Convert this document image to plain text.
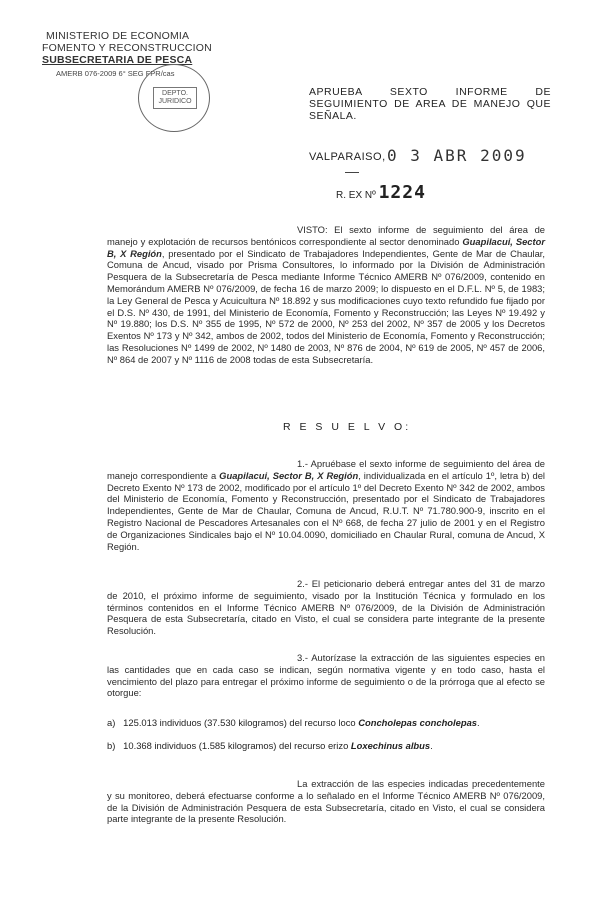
MINISTERIO DE ECONOMIA
FOMENTO Y RECONSTRUCCION
SUBSECRETARIA DE PESCA
AMERB 076-2009 6° SEG FPR/cas
DEPTO. JURIDICO
APRUEBA SEXTO INFORME DE SEGUIMIENTO DE AREA DE MANEJO QUE SEÑALA.
VALPARAISO, 0 3 ABR 2009
R. EX Nº 1224
VISTO: El sexto informe de seguimiento del área de manejo y explotación de recursos bentónicos correspondiente al sector denominado Guapilacui, Sector B, X Región, presentado por el Sindicato de Trabajadores Independientes, Gente de Mar de Chaular, Comuna de Ancud, visado por Prisma Consultores, lo informado por la División de Administración Pesquera de la Subsecretaría de Pesca mediante Informe Técnico AMERB Nº 076/2009, contenido en Memorándum AMERB Nº 076/2009, de fecha 16 de marzo 2009; lo dispuesto en el D.F.L. Nº 5, de 1983; la Ley General de Pesca y Acuicultura Nº 18.892 y sus modificaciones cuyo texto refundido fue fijado por el D.S. Nº 430, de 1991, del Ministerio de Economía, Fomento y Reconstrucción; las Leyes Nº 19.492 y Nº 19.880; los D.S. Nº 355 de 1995, Nº 572 de 2000, Nº 253 del 2002, Nº 357 de 2005 y los Decretos Exentos Nº 173 y Nº 342, ambos de 2002, todos del Ministerio de Economía, Fomento y Reconstrucción; las Resoluciones Nº 1499 de 2002, Nº 1480 de 2003, Nº 876 de 2004, Nº 619 de 2005, Nº 457 de 2006, Nº 864 de 2007 y Nº 1116 de 2008 todas de esta Subsecretaría.
R E S U E L V O:
1.- Apruébase el sexto informe de seguimiento del área de manejo correspondiente a Guapilacui, Sector B, X Región, individualizada en el artículo 1º, letra b) del Decreto Exento Nº 173 de 2002, modificado por el artículo 1º del Decreto Exento Nº 342 de 2002, ambos del Ministerio de Economía, Fomento y Reconstrucción, presentado por el Sindicato de Trabajadores Independientes, Gente de Mar de Chaular, Comuna de Ancud, R.U.T. Nº 71.780.900-9, inscrito en el Registro Nacional de Pescadores Artesanales con el Nº 668, de fecha 27 julio de 2001 y en el Registro de Organizaciones Sindicales bajo el Nº 10.04.0090, domiciliado en Chaular Rural, comuna de Ancud, X Región.
2.- El peticionario deberá entregar antes del 31 de marzo de 2010, el próximo informe de seguimiento, visado por la Institución Técnica y formulado en los términos contenidos en el Informe Técnico AMERB Nº 076/2009, de la División de Administración Pesquera de esta Subsecretaría, citado en Visto, el cual se considera parte integrante de la presente Resolución.
3.- Autorízase la extracción de las siguientes especies en las cantidades que en cada caso se indican, según normativa vigente y en todo caso, hasta el vencimiento del plazo para entregar el próximo informe de seguimiento o de la prórroga que al efecto se otorgue:
a) 125.013 individuos (37.530 kilogramos) del recurso loco Concholepas concholepas.
b) 10.368 individuos (1.585 kilogramos) del recurso erizo Loxechinus albus.
La extracción de las especies indicadas precedentemente y su monitoreo, deberá efectuarse conforme a lo señalado en el Informe Técnico AMERB Nº 076/2009, de la División de Administración Pesquera de esta Subsecretaría, citado en Visto, el cual se considera parte integrante de la presente Resolución.
